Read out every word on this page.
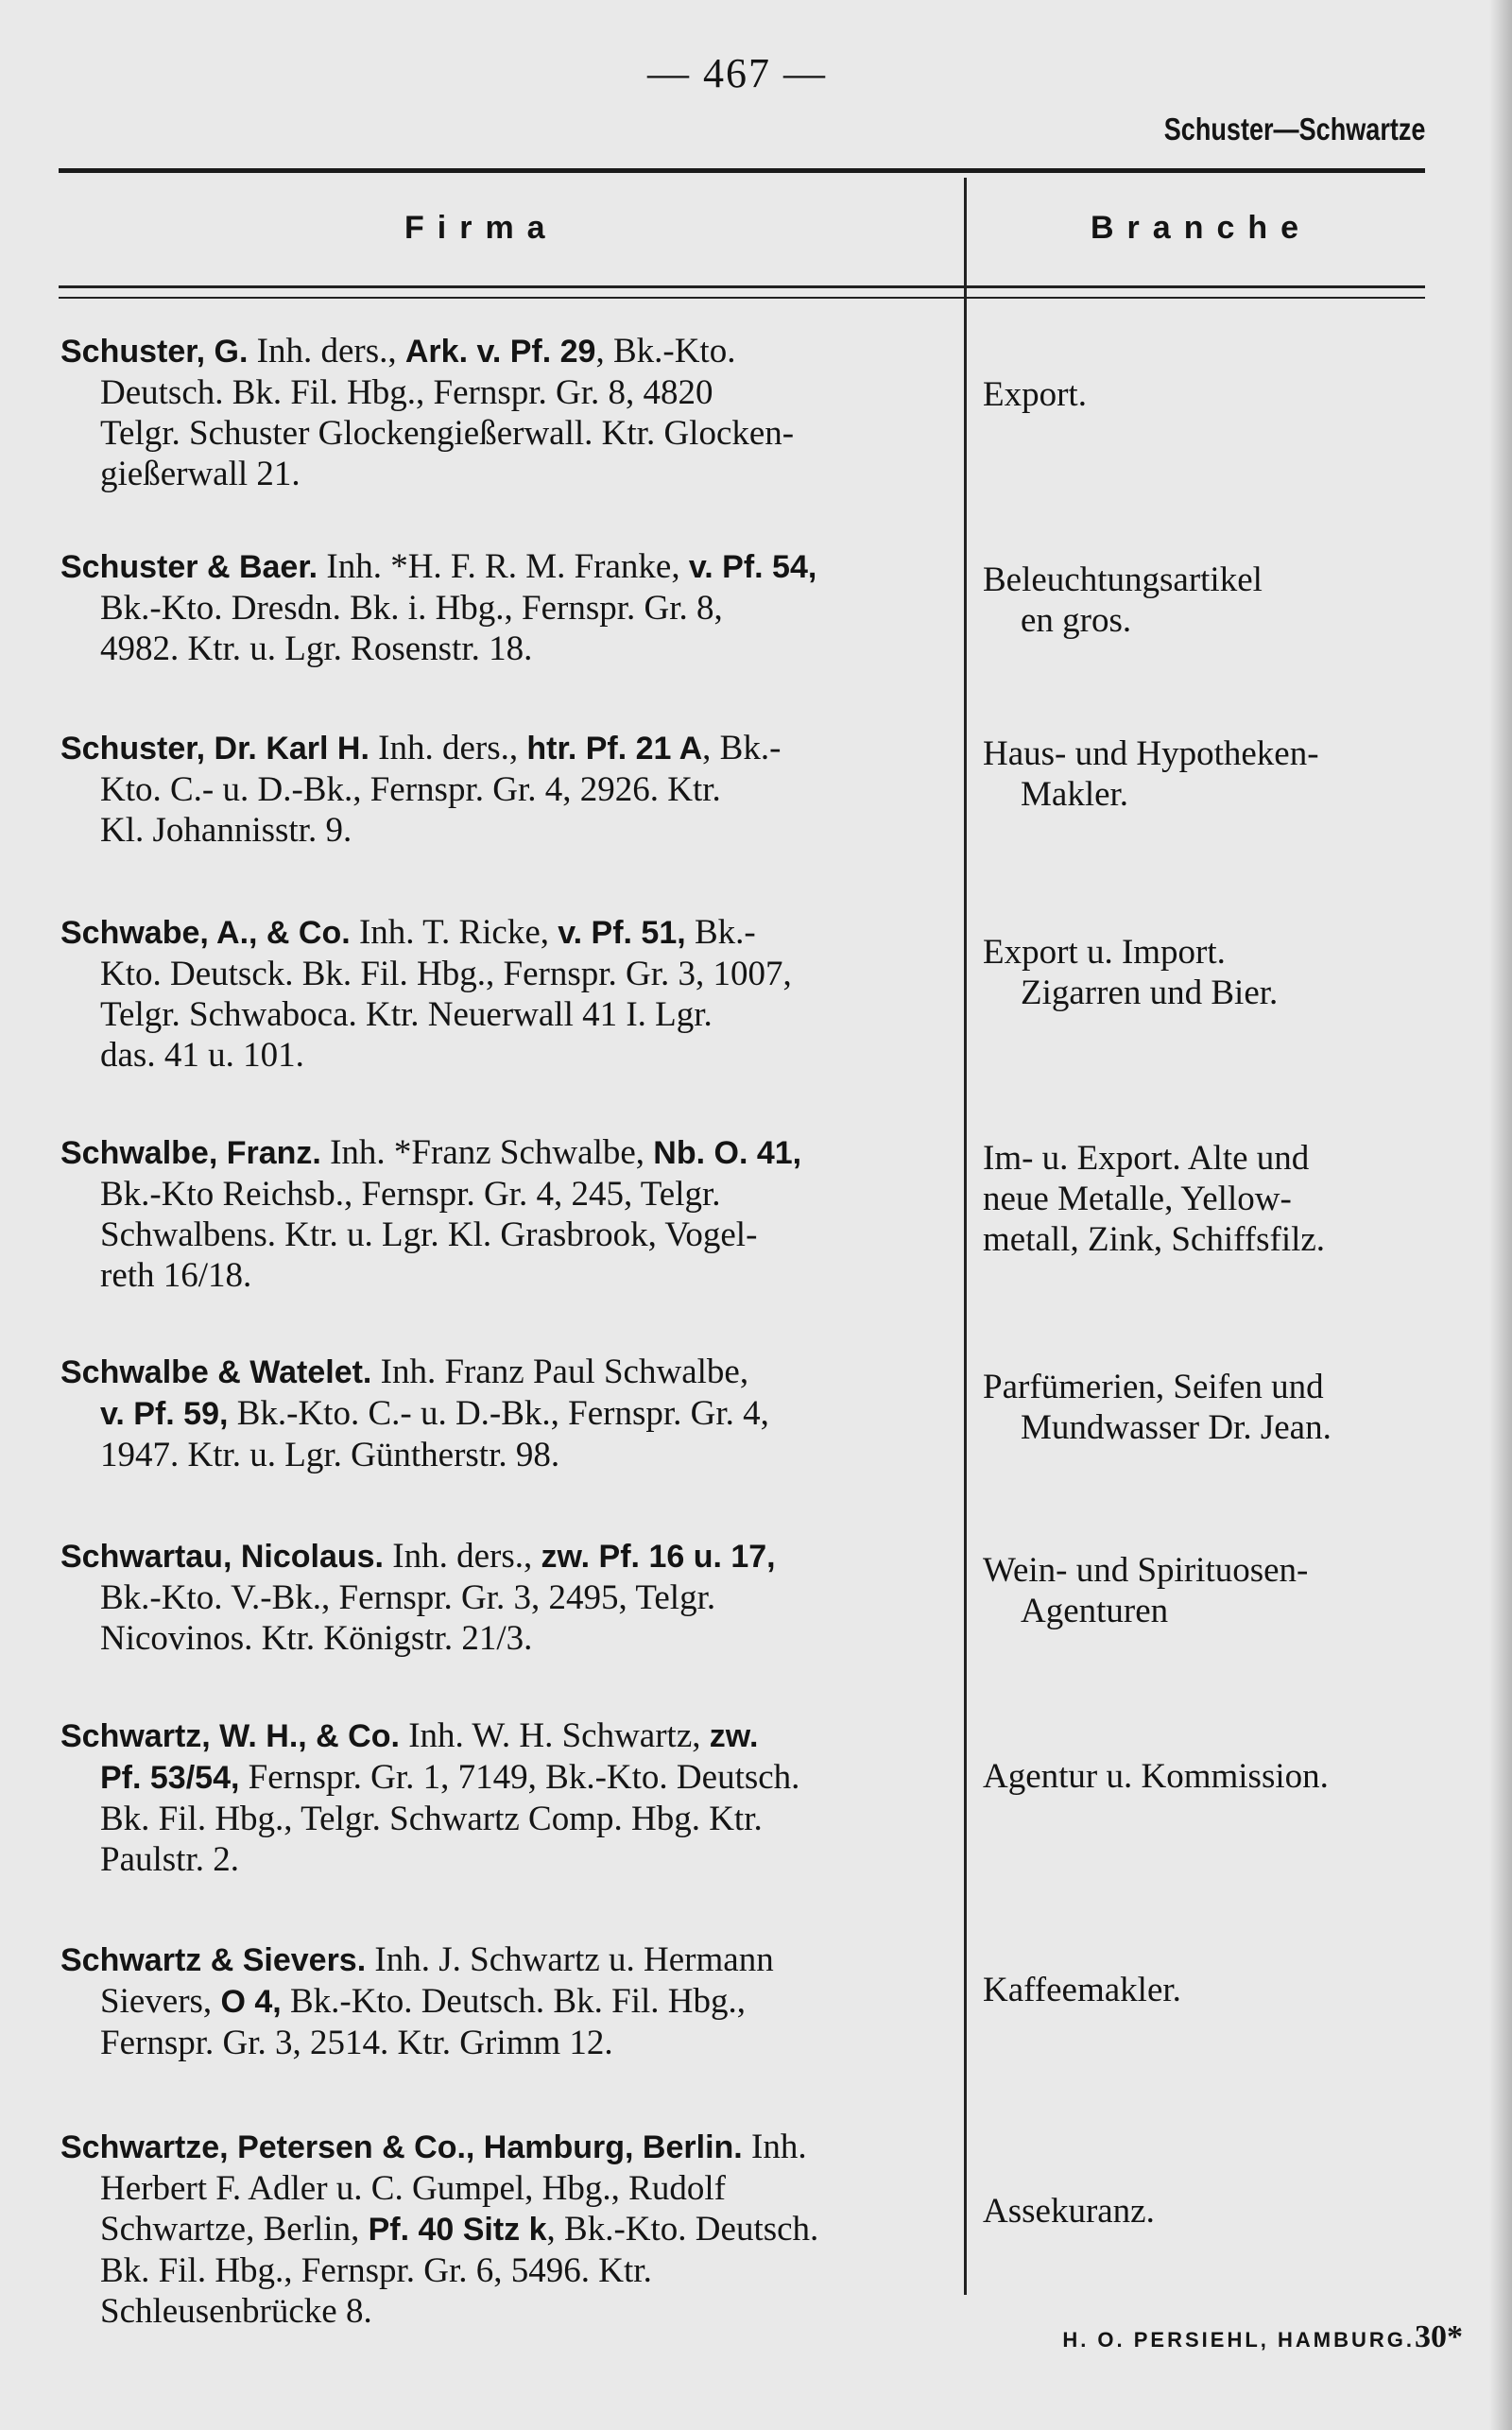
— 467 —
Schuster—Schwartze
Firma	Branche
Schuster, G. Inh. ders., Ark. v. Pf. 29, Bk.-Kto.
Deutsch. Bk. Fil. Hbg., Fernspr. Gr. 8, 4820
Telgr. Schuster Glockengießerwall. Ktr. Glocken-
gießerwall 21.
Export.
Schuster & Baer. Inh. *H. F. R. M. Franke, v. Pf. 54,
Bk.-Kto. Dresdn. Bk. i. Hbg., Fernspr. Gr. 8,
4982. Ktr. u. Lgr. Rosenstr. 18.
Beleuchtungsartikel
en gros.
Schuster, Dr. Karl H. Inh. ders., htr. Pf. 21 A, Bk.-
Kto. C.- u. D.-Bk., Fernspr. Gr. 4, 2926. Ktr.
Kl. Johannisstr. 9.
Haus- und Hypotheken-
Makler.
Schwabe, A., & Co. Inh. T. Ricke, v. Pf. 51, Bk.-
Kto. Deutsck. Bk. Fil. Hbg., Fernspr. Gr. 3, 1007,
Telgr. Schwaboca. Ktr. Neuerwall 41 I. Lgr.
das. 41 u. 101.
Export u. Import.
Zigarren und Bier.
Schwalbe, Franz. Inh. *Franz Schwalbe, Nb. O. 41,
Bk.-Kto Reichsb., Fernspr. Gr. 4, 245, Telgr.
Schwalbens. Ktr. u. Lgr. Kl. Grasbrook, Vogel-
reth 16/18.
Im- u. Export. Alte und
neue Metalle, Yellow-
metall, Zink, Schiffsfilz.
Schwalbe & Watelet. Inh. Franz Paul Schwalbe,
v. Pf. 59, Bk.-Kto. C.- u. D.-Bk., Fernspr. Gr. 4,
1947. Ktr. u. Lgr. Güntherstr. 98.
Parfümerien, Seifen und
Mundwasser Dr. Jean.
Schwartau, Nicolaus. Inh. ders., zw. Pf. 16 u. 17,
Bk.-Kto. V.-Bk., Fernspr. Gr. 3, 2495, Telgr.
Nicovinos. Ktr. Königstr. 21/3.
Wein- und Spirituosen-
Agenturen
Schwartz, W. H., & Co. Inh. W. H. Schwartz, zw.
Pf. 53/54, Fernspr. Gr. 1, 7149, Bk.-Kto. Deutsch.
Bk. Fil. Hbg., Telgr. Schwartz Comp. Hbg. Ktr.
Paulstr. 2.
Agentur u. Kommission.
Schwartz & Sievers. Inh. J. Schwartz u. Hermann
Sievers, O 4, Bk.-Kto. Deutsch. Bk. Fil. Hbg.,
Fernspr. Gr. 3, 2514. Ktr. Grimm 12.
Kaffeemakler.
Schwartze, Petersen & Co., Hamburg, Berlin. Inh.
Herbert F. Adler u. C. Gumpel, Hbg., Rudolf
Schwartze, Berlin, Pf. 40 Sitz k, Bk.-Kto. Deutsch.
Bk. Fil. Hbg., Fernspr. Gr. 6, 5496. Ktr.
Schleusenbrücke 8.
Assekuranz.
H. O. PERSIEHL, HAMBURG.30*
